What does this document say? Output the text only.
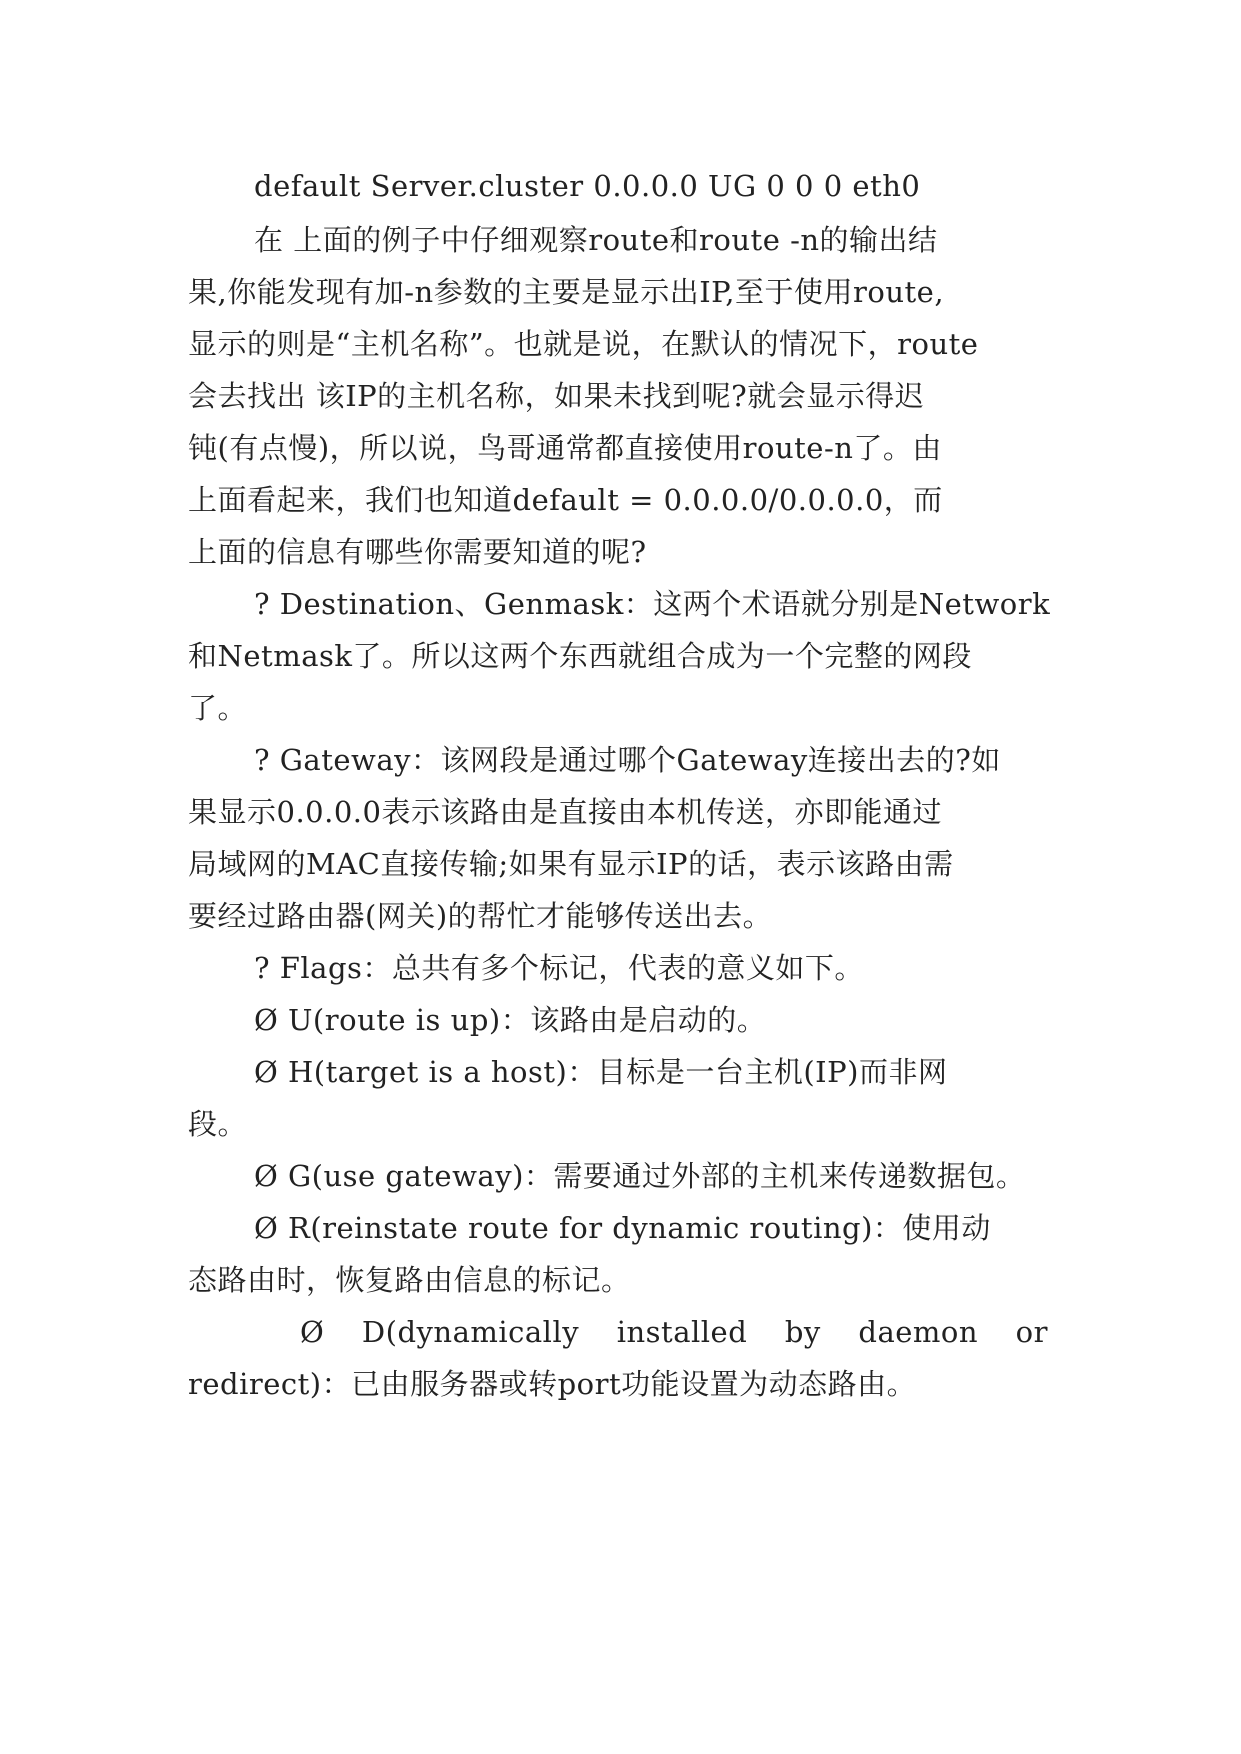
default Server.cluster 0.0.0.0 UG 0 0 0 eth0
在 上面的例子中仔细观察route和route -n的输出结
果,你能发现有加-n参数的主要是显示出IP,至于使用route,
显示的则是“主机名称”。也就是说，在默认的情况下，route
会去找出 该IP的主机名称，如果未找到呢?就会显示得迟
钝(有点慢)，所以说，鸟哥通常都直接使用route-n了。由
上面看起来，我们也知道default = 0.0.0.0/0.0.0.0，而
上面的信息有哪些你需要知道的呢?
? Destination、Genmask：这两个术语就分别是Network
和Netmask了。所以这两个东西就组合成为一个完整的网段
了。
? Gateway：该网段是通过哪个Gateway连接出去的?如
果显示0.0.0.0表示该路由是直接由本机传送，亦即能通过
局域网的MAC直接传输;如果有显示IP的话，表示该路由需
要经过路由器(网关)的帮忙才能够传送出去。
? Flags：总共有多个标记，代表的意义如下。
Ø U(route is up)：该路由是启动的。
Ø H(target is a host)：目标是一台主机(IP)而非网
段。
Ø G(use gateway)：需要通过外部的主机来传递数据包。
Ø R(reinstate route for dynamic routing)：使用动
态路由时，恢复路由信息的标记。
Ø D(dynamically installed by daemon or
redirect)：已由服务器或转port功能设置为动态路由。
